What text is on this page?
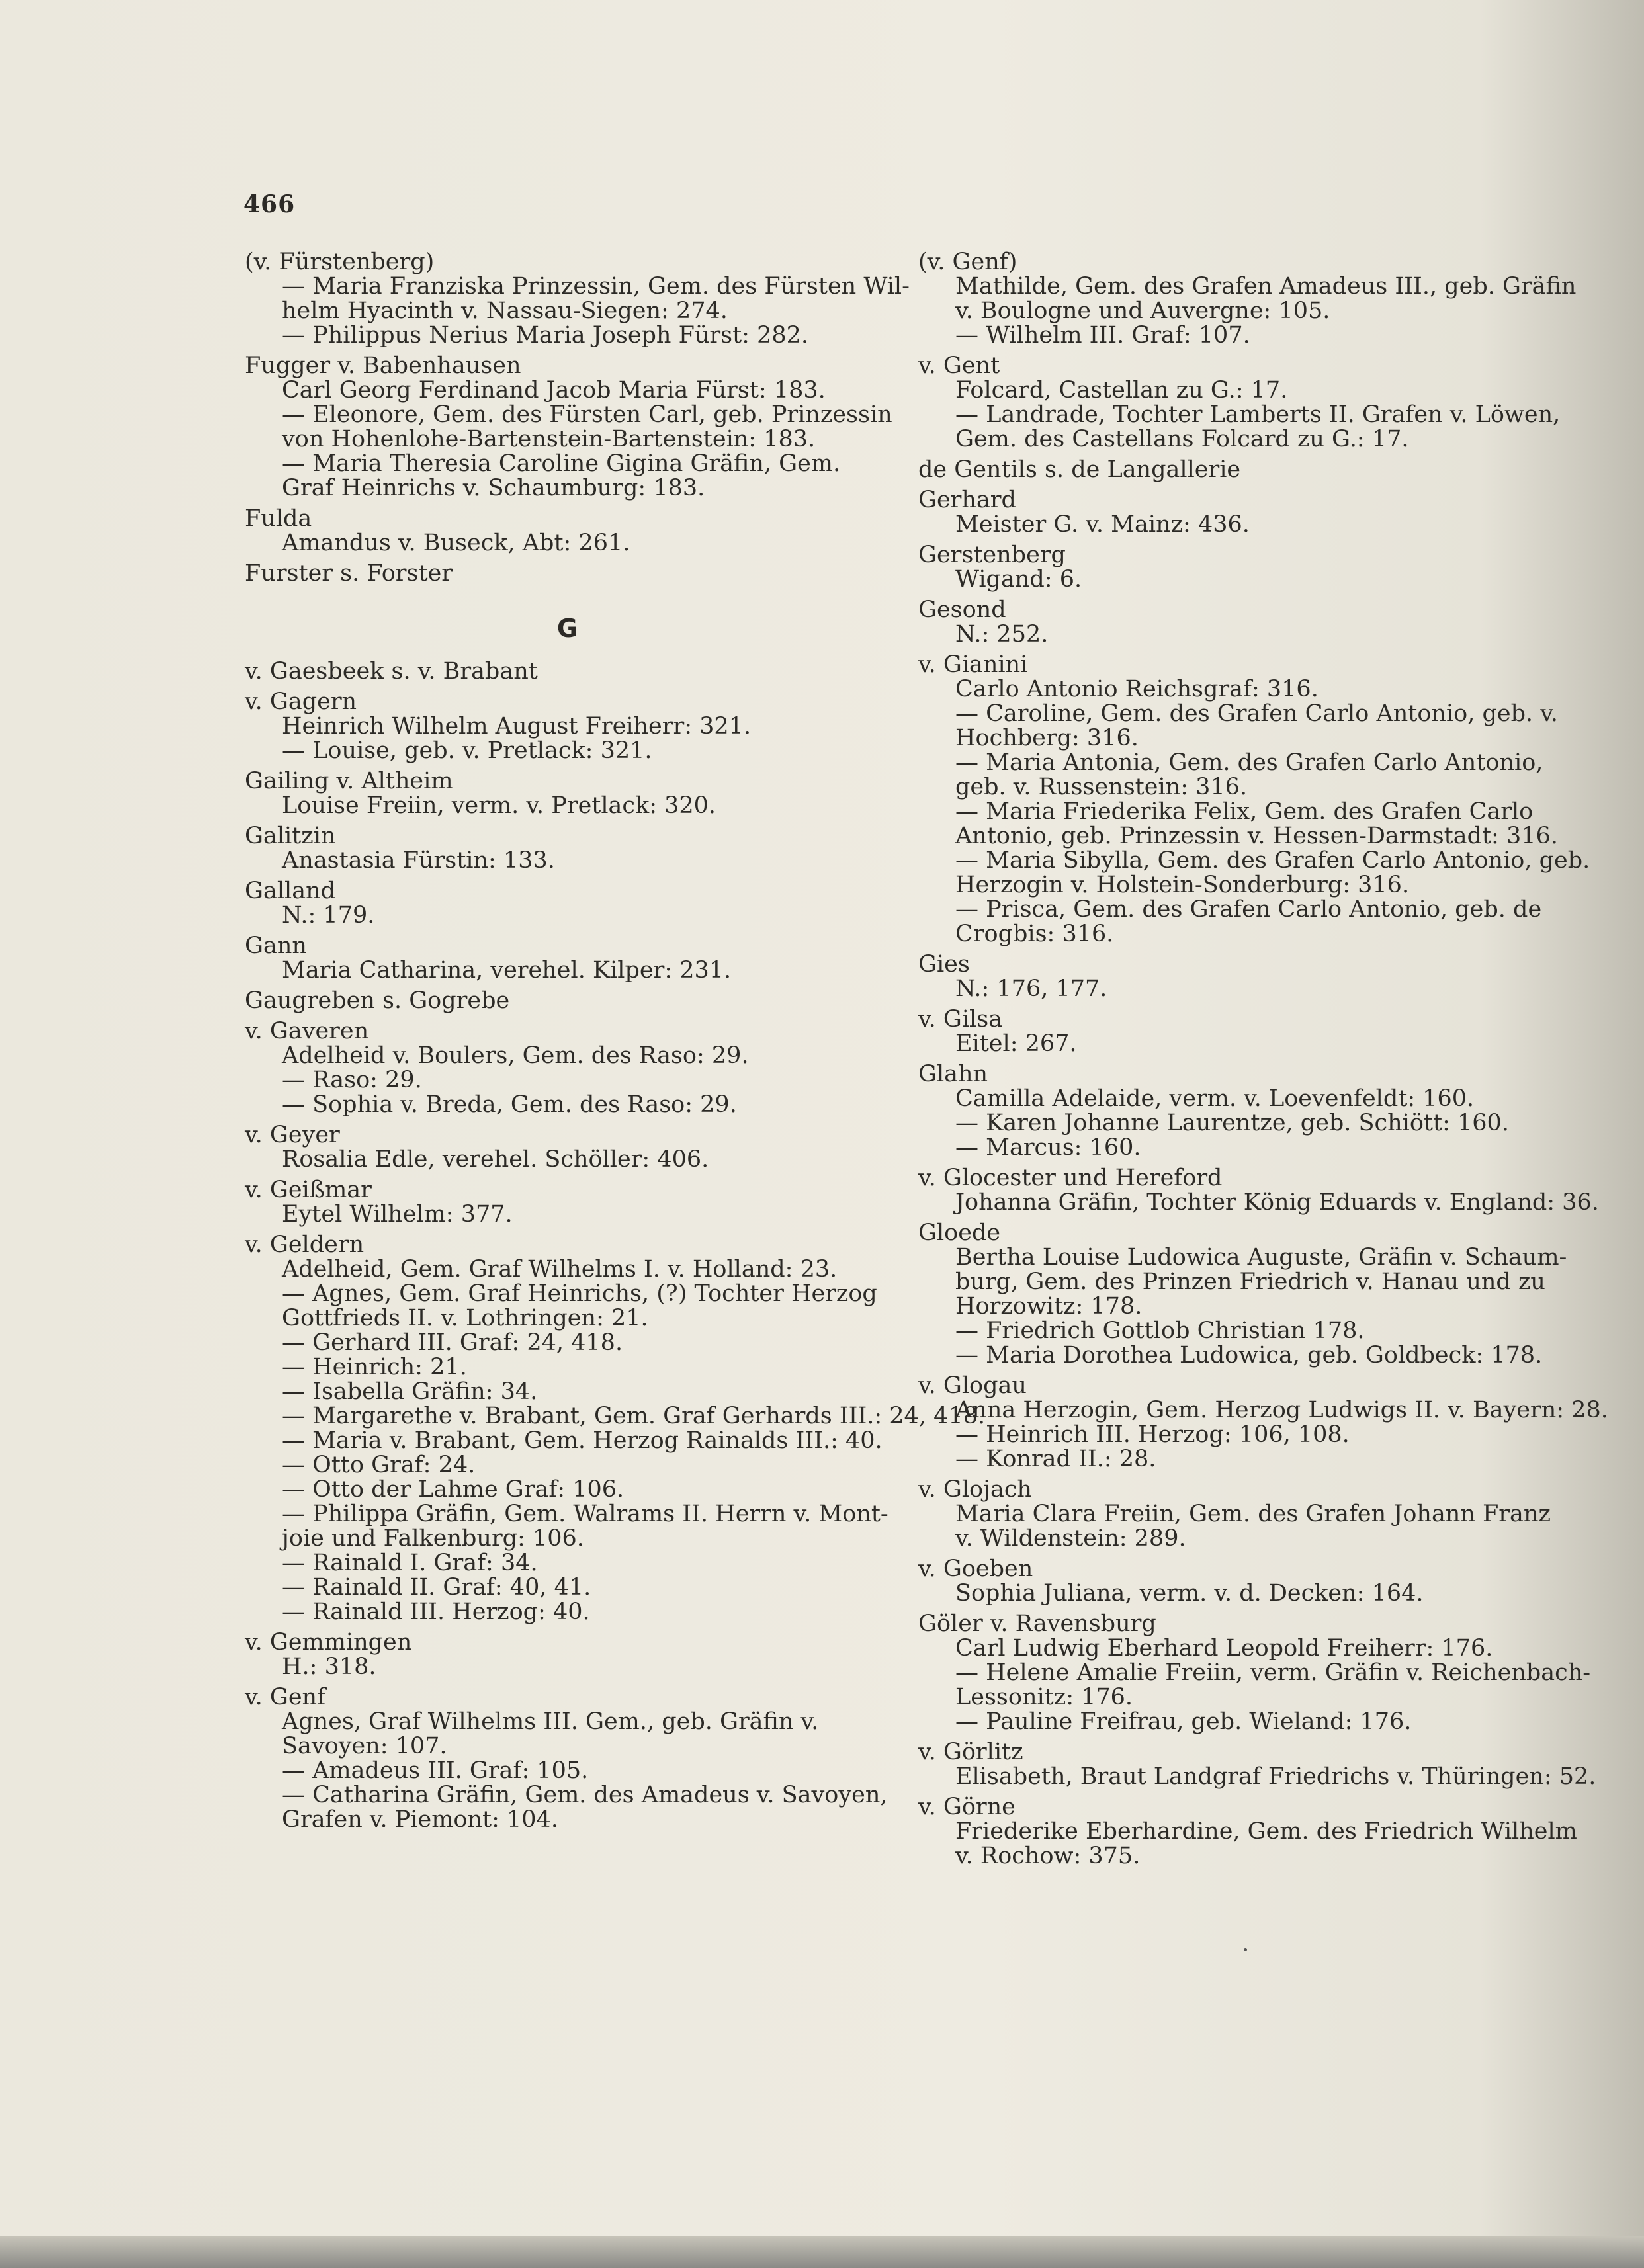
466
(v. Fürstenberg)
— Maria Franziska Prinzessin, Gem. des Fürsten Wil-
helm Hyacinth v. Nassau-Siegen: 274.
— Philippus Nerius Maria Joseph Fürst: 282.
Fugger v. Babenhausen
Carl Georg Ferdinand Jacob Maria Fürst: 183.
— Eleonore, Gem. des Fürsten Carl, geb. Prinzessin
von Hohenlohe-Bartenstein-Bartenstein: 183.
— Maria Theresia Caroline Gigina Gräfin, Gem.
Graf Heinrichs v. Schaumburg: 183.
Fulda
Amandus v. Buseck, Abt: 261.
Furster s. Forster
G
v. Gaesbeek s. v. Brabant
v. Gagern
Heinrich Wilhelm August Freiherr: 321.
— Louise, geb. v. Pretlack: 321.
Gailing v. Altheim
Louise Freiin, verm. v. Pretlack: 320.
Galitzin
Anastasia Fürstin: 133.
Galland
N.: 179.
Gann
Maria Catharina, verehel. Kilper: 231.
Gaugreben s. Gogrebe
v. Gaveren
Adelheid v. Boulers, Gem. des Raso: 29.
— Raso: 29.
— Sophia v. Breda, Gem. des Raso: 29.
v. Geyer
Rosalia Edle, verehel. Schöller: 406.
v. Geißmar
Eytel Wilhelm: 377.
v. Geldern
Adelheid, Gem. Graf Wilhelms I. v. Holland: 23.
— Agnes, Gem. Graf Heinrichs, (?) Tochter Herzog
Gottfrieds II. v. Lothringen: 21.
— Gerhard III. Graf: 24, 418.
— Heinrich: 21.
— Isabella Gräfin: 34.
— Margarethe v. Brabant, Gem. Graf Gerhards III.: 24, 418.
— Maria v. Brabant, Gem. Herzog Rainalds III.: 40.
— Otto Graf: 24.
— Otto der Lahme Graf: 106.
— Philippa Gräfin, Gem. Walrams II. Herrn v. Mont-
joie und Falkenburg: 106.
— Rainald I. Graf: 34.
— Rainald II. Graf: 40, 41.
— Rainald III. Herzog: 40.
v. Gemmingen
H.: 318.
v. Genf
Agnes, Graf Wilhelms III. Gem., geb. Gräfin v.
Savoyen: 107.
— Amadeus III. Graf: 105.
— Catharina Gräfin, Gem. des Amadeus v. Savoyen,
Grafen v. Piemont: 104.
(v. Genf)
Mathilde, Gem. des Grafen Amadeus III., geb. Gräfin
v. Boulogne und Auvergne: 105.
— Wilhelm III. Graf: 107.
v. Gent
Folcard, Castellan zu G.: 17.
— Landrade, Tochter Lamberts II. Grafen v. Löwen,
Gem. des Castellans Folcard zu G.: 17.
de Gentils s. de Langallerie
Gerhard
Meister G. v. Mainz: 436.
Gerstenberg
Wigand: 6.
Gesond
N.: 252.
v. Gianini
Carlo Antonio Reichsgraf: 316.
— Caroline, Gem. des Grafen Carlo Antonio, geb. v.
Hochberg: 316.
— Maria Antonia, Gem. des Grafen Carlo Antonio,
geb. v. Russenstein: 316.
— Maria Friederika Felix, Gem. des Grafen Carlo
Antonio, geb. Prinzessin v. Hessen-Darmstadt: 316.
— Maria Sibylla, Gem. des Grafen Carlo Antonio, geb.
Herzogin v. Holstein-Sonderburg: 316.
— Prisca, Gem. des Grafen Carlo Antonio, geb. de
Crogbis: 316.
Gies
N.: 176, 177.
v. Gilsa
Eitel: 267.
Glahn
Camilla Adelaide, verm. v. Loevenfeldt: 160.
— Karen Johanne Laurentze, geb. Schiött: 160.
— Marcus: 160.
v. Glocester und Hereford
Johanna Gräfin, Tochter König Eduards v. England: 36.
Gloede
Bertha Louise Ludowica Auguste, Gräfin v. Schaum-
burg, Gem. des Prinzen Friedrich v. Hanau und zu
Horzowitz: 178.
— Friedrich Gottlob Christian 178.
— Maria Dorothea Ludowica, geb. Goldbeck: 178.
v. Glogau
Anna Herzogin, Gem. Herzog Ludwigs II. v. Bayern: 28.
— Heinrich III. Herzog: 106, 108.
— Konrad II.: 28.
v. Glojach
Maria Clara Freiin, Gem. des Grafen Johann Franz
v. Wildenstein: 289.
v. Goeben
Sophia Juliana, verm. v. d. Decken: 164.
Göler v. Ravensburg
Carl Ludwig Eberhard Leopold Freiherr: 176.
— Helene Amalie Freiin, verm. Gräfin v. Reichenbach-
Lessonitz: 176.
— Pauline Freifrau, geb. Wieland: 176.
v. Görlitz
Elisabeth, Braut Landgraf Friedrichs v. Thüringen: 52.
v. Görne
Friederike Eberhardine, Gem. des Friedrich Wilhelm
v. Rochow: 375.
